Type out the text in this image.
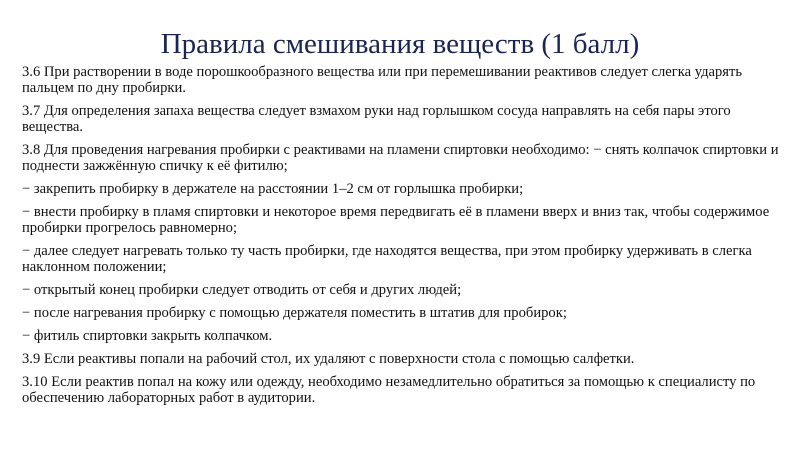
Правила смешивания веществ (1 балл)

3.6 При растворении в воде порошкообразного вещества или при перемешивании реактивов следует слегка ударять пальцем по дну пробирки.

3.7 Для определения запаха вещества следует взмахом руки над горлышком сосуда направлять на себя пары этого вещества.

3.8 Для проведения нагревания пробирки с реактивами на пламени спиртовки необходимо: − снять колпачок спиртовки и поднести зажжённую спичку к её фитилю;

− закрепить пробирку в держателе на расстоянии 1–2 см от горлышка пробирки;

− внести пробирку в пламя спиртовки и некоторое время передвигать её в пламени вверх и вниз так, чтобы содержимое пробирки прогрелось равномерно;

− далее следует нагревать только ту часть пробирки, где находятся вещества, при этом пробирку удерживать в слегка наклонном положении;

− открытый конец пробирки следует отводить от себя и других людей;

− после нагревания пробирку с помощью держателя поместить в штатив для пробирок;

− фитиль спиртовки закрыть колпачком.

3.9 Если реактивы попали на рабочий стол, их удаляют с поверхности стола с помощью салфетки.

3.10 Если реактив попал на кожу или одежду, необходимо незамедлительно обратиться за помощью к специалисту по обеспечению лабораторных работ в аудитории.
